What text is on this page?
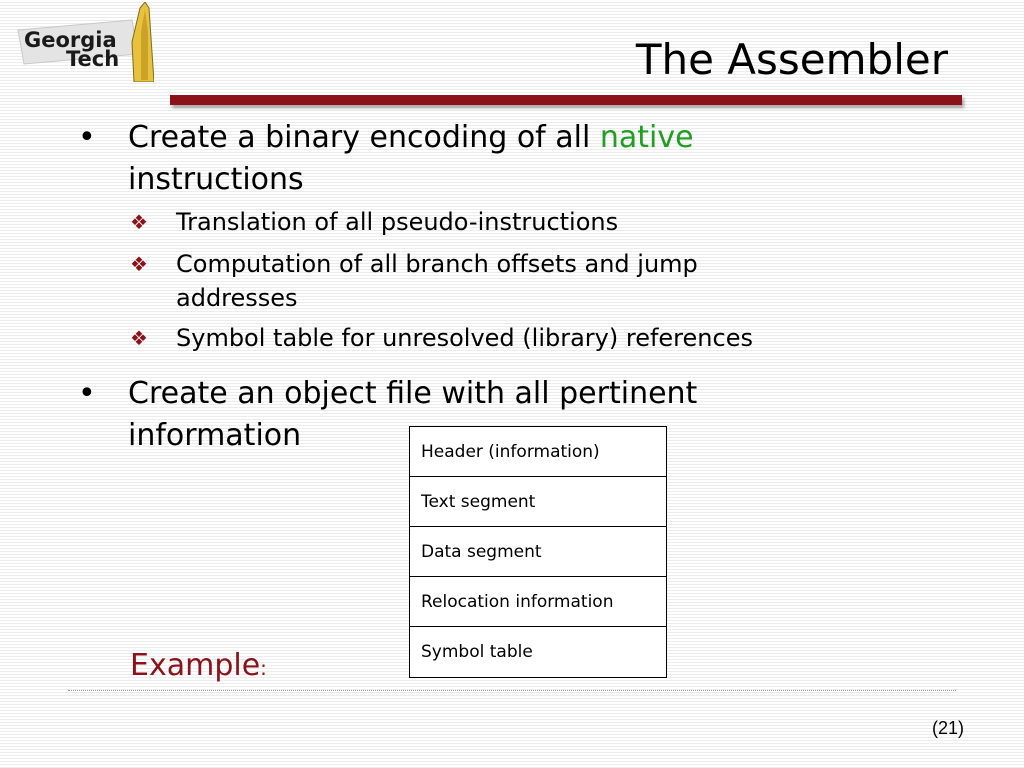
Georgia
Tech	The Assembler
• Create a binary encoding of all native
instructions
❖ Translation of all pseudo-instructions
❖ Computation of all branch offsets and jump addresses
❖ Symbol table for unresolved (library) references
• Create an object file with all pertinent information	Header (information)
Text segment
Data segment
Relocation information
Symbol table
Example:
(21)
